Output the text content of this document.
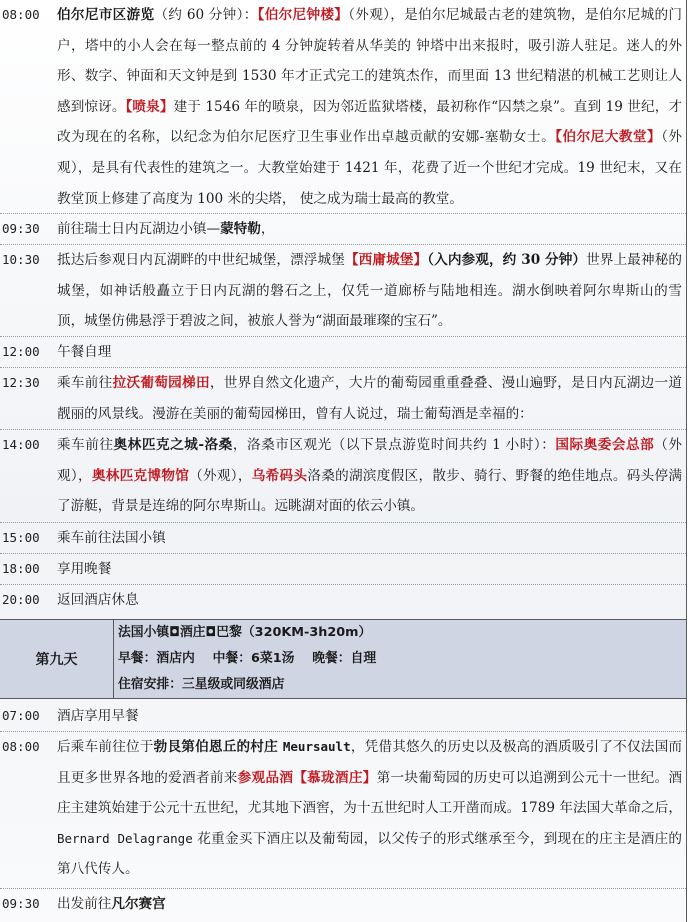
08:00 伯尔尼市区游览（约 60 分钟）：【伯尔尼钟楼】（外观），是伯尔尼城最古老的建筑物，是伯尔尼城的门户，塔中的小人会在每一整点前的 4 分钟旋转着从华美的 钟塔中出来报时，吸引游人驻足。迷人的外形、数字、钟面和天文钟是到 1530 年才正式完工的建筑杰作，而里面 13 世纪精湛的机械工艺则让人感到惊讶。【喷泉】建于 1546 年的喷泉，因为邻近监狱塔楼，最初称作“囚禁之泉”。直到 19 世纪，才改为现在的名称，以纪念为伯尔尼医疗卫生事业作出卓越贡献的安娜-塞勒女士。【伯尔尼大教堂】（外观），是具有代表性的建筑之一。大教堂始建于 1421 年，花费了近一个世纪才完成。19 世纪末，又在教堂顶上修建了高度为 100 米的尖塔， 使之成为瑞士最高的教堂。
09:30 前往瑞士日内瓦湖边小镇—蒙特勒，
10:30 抵达后参观日内瓦湖畔的中世纪城堡，漂浮城堡【西庸城堡】（入内参观，约 30 分钟）世界上最神秘的城堡，如神话般矗立于日内瓦湖的磐石之上，仅凭一道廊桥与陆地相连。湖水倒映着阿尔卑斯山的雪顶，城堡仿佛悬浮于碧波之间，被旅人誉为“湖面最璀璨的宝石”。
12:00 午餐自理
12:30 乘车前往拉沃葡萄园梯田，世界自然文化遗产，大片的葡萄园重重叠叠、漫山遍野，是日内瓦湖边一道靓丽的风景线。漫游在美丽的葡萄园梯田，曾有人说过，瑞士葡萄酒是幸福的：
14:00 乘车前往奥林匹克之城-洛桑，洛桑市区观光（以下景点游览时间共约 1 小时）：国际奥委会总部（外观），奥林匹克博物馆（外观），乌希码头洛桑的湖滨度假区，散步、骑行、野餐的绝佳地点。码头停满了游艇，背景是连绵的阿尔卑斯山。远眺湖对面的依云小镇。
15:00 乘车前往法国小镇
18:00 享用晚餐
20:00 返回酒店休息
第九天
法国小镇◘酒庄◘巴黎（320KM-3h20m）
早餐：酒店内    中餐：6菜1汤    晚餐：自理
住宿安排：三星级或同级酒店
07:00 酒店享用早餐
08:00 后乘车前往位于勃艮第伯恩丘的村庄 Meursault，凭借其悠久的历史以及极高的酒质吸引了不仅法国而且更多世界各地的爱酒者前来参观品酒【慕珑酒庄】第一块葡萄园的历史可以追溯到公元十一世纪。酒庄主建筑始建于公元十五世纪，尤其地下酒窖，为十五世纪时人工开凿而成。1789 年法国大革命之后，Bernard Delagrange 花重金买下酒庄以及葡萄园，以父传子的形式继承至今，到现在的庄主是酒庄的第八代传人。
09:30 出发前往凡尔赛宫
